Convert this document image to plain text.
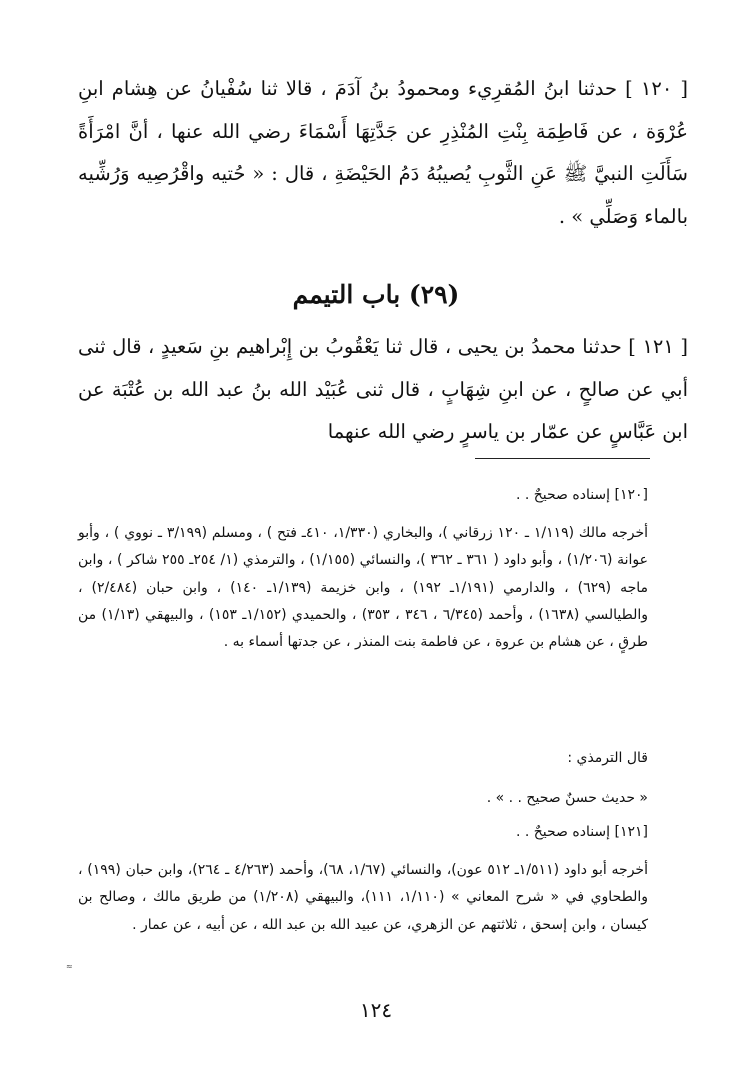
[ ١٢٠ ] حدثنا ابنُ المُقرِيء ومحمودُ بنُ آدَمَ ، قالا ثنا سُفْيانُ عن هِشام ابنِ عُرْوَة ، عن فَاطِمَة بِنْتِ المُنْذِرِ عن جَدَّتِهَا أَسْمَاءَ رضي الله عنها ، أنَّ امْرَأَةً سَأَلَتِ النبيَّ ﷺ عَنِ الثَّوبِ يُصيبُهُ دَمُ الحَيْضَةِ ، قال : « حُتيه واقْرُصِيه وَرُشِّيه بالماء وَصَلِّي » .

(٢٩) باب التيمم

[ ١٢١ ] حدثنا محمدُ بن يحيى ، قال ثنا يَعْقُوبُ بن إِبْراهيم بنِ سَعيدٍ ، قال ثنى أبي عن صالحٍ ، عن ابنِ شِهَابٍ ، قال ثنى عُبَيْد الله بنُ عبد الله بن عُتْبَة عن ابن عَبَّاسٍ عن عمّار بن ياسرٍ رضي الله عنهما

[١٢٠] إسناده صحيحٌ . .

أخرجه مالك (١/١١٩ ـ ١٢٠ زرقاني )، والبخاري (١/٣٣٠، ٤١٠ـ فتح ) ، ومسلم (٣/١٩٩ ـ نووي ) ، وأبو عوانة (١/٢٠٦) ، وأبو داود ( ٣٦١ ـ ٣٦٢ )، والنسائي (١/١٥٥) ، والترمذي (١/ ٢٥٤ـ ٢٥٥ شاكر ) ، وابن ماجه (٦٢٩) ، والدارمي (١/١٩١ـ ١٩٢) ، وابن خزيمة (١/١٣٩ـ ١٤٠) ، وابن حبان (٢/٤٨٤) ، والطيالسي (١٦٣٨) ، وأحمد (٦/٣٤٥ ، ٣٤٦ ، ٣٥٣) ، والحميدي (١/١٥٢ـ ١٥٣) ، والبيهقي (١/١٣) من طرقٍ ، عن هشام بن عروة ، عن فاطمة بنت المنذر ، عن جدتها أسماء به .

قال الترمذي :

« حديث حسنٌ صحيح . . » .

[١٢١] إسناده صحيحٌ . .

أخرجه أبو داود (١/٥١١ـ ٥١٢ عون)، والنسائي (١/٦٧، ٦٨)، وأحمد (٤/٢٦٣ ـ ٢٦٤)، وابن حبان (١٩٩) ، والطحاوي في « شرح المعاني » (١/١١٠، ١١١)، والبيهقي (١/٢٠٨) من طريق مالك ، وصالح بن كيسان ، وابن إسحق ، ثلاثتهم عن الزهري، عن عبيد الله بن عبد الله ، عن أبيه ، عن عمار .

≈
١٢٤
